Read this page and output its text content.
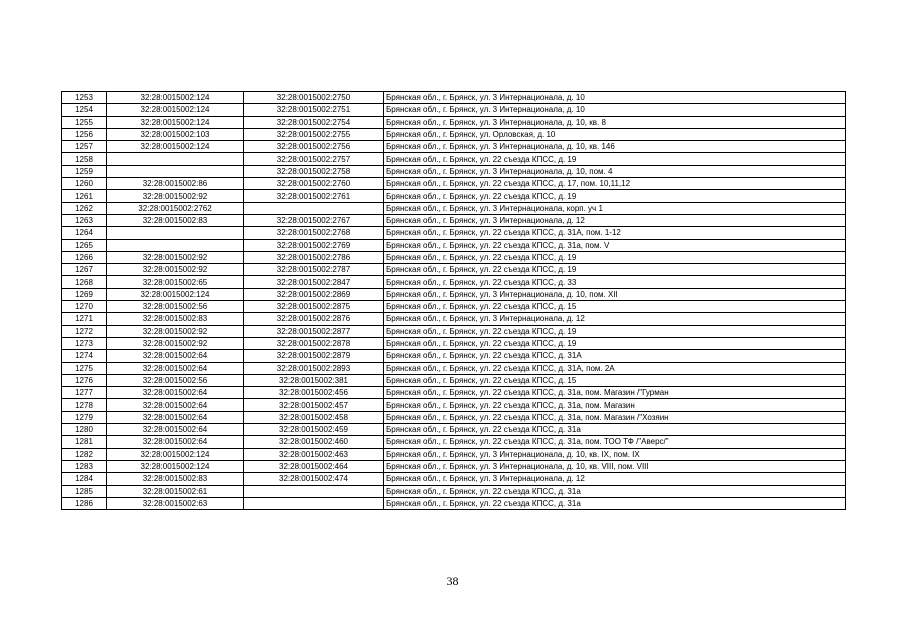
1253	32:28:0015002:124	32:28:0015002:2750	Брянская обл., г. Брянск, ул. 3 Интернационала, д. 10
1254	32:28:0015002:124	32:28:0015002:2751	Брянская обл., г. Брянск, ул. 3 Интернационала, д. 10
1255	32:28:0015002:124	32:28:0015002:2754	Брянская обл., г. Брянск, ул. 3 Интернационала, д. 10, кв. 8
1256	32:28:0015002:103	32:28:0015002:2755	Брянская обл., г. Брянск, ул. Орловская, д. 10
1257	32:28:0015002:124	32:28:0015002:2756	Брянская обл., г. Брянск, ул. 3 Интернационала, д. 10, кв. 146
1258		32:28:0015002:2757	Брянская обл., г. Брянск, ул. 22 съезда КПСС, д. 19
1259		32:28:0015002:2758	Брянская обл., г. Брянск, ул. 3 Интернационала, д. 10, пом. 4
1260	32:28:0015002:86	32:28:0015002:2760	Брянская обл., г. Брянск, ул. 22 съезда КПСС, д. 17, пом. 10,11,12
1261	32:28:0015002:92	32:28:0015002:2761	Брянская обл., г. Брянск, ул. 22 съезда КПСС, д. 19
1262	32:28:0015002:2762		Брянская обл., г. Брянск, ул. 3 Интернационала, корп. уч 1
1263	32:28:0015002:83	32:28:0015002:2767	Брянская обл., г. Брянск, ул. 3 Интернационала, д. 12
1264		32:28:0015002:2768	Брянская обл., г. Брянск, ул. 22 съезда КПСС, д. 31А, пом. 1-12
1265		32:28:0015002:2769	Брянская обл., г. Брянск, ул. 22 съезда КПСС, д. 31а, пом. V
1266	32:28:0015002:92	32:28:0015002:2786	Брянская обл., г. Брянск, ул. 22 съезда КПСС, д. 19
1267	32:28:0015002:92	32:28:0015002:2787	Брянская обл., г. Брянск, ул. 22 съезда КПСС, д. 19
1268	32:28:0015002:65	32:28:0015002:2847	Брянская обл., г. Брянск, ул. 22 съезда КПСС, д. 33
1269	32:28:0015002:124	32:28:0015002:2869	Брянская обл., г. Брянск, ул. 3 Интернационала, д. 10, пом. XII
1270	32:28:0015002:56	32:28:0015002:2875	Брянская обл., г. Брянск, ул. 22 съезда КПСС, д. 15
1271	32:28:0015002:83	32:28:0015002:2876	Брянская обл., г. Брянск, ул. 3 Интернационала, д. 12
1272	32:28:0015002:92	32:28:0015002:2877	Брянская обл., г. Брянск, ул. 22 съезда КПСС, д. 19
1273	32:28:0015002:92	32:28:0015002:2878	Брянская обл., г. Брянск, ул. 22 съезда КПСС, д. 19
1274	32:28:0015002:64	32:28:0015002:2879	Брянская обл., г. Брянск, ул. 22 съезда КПСС, д. 31А
1275	32:28:0015002:64	32:28:0015002:2893	Брянская обл., г. Брянск, ул. 22 съезда КПСС, д. 31А, пом. 2А
1276	32:28:0015002:56	32:28:0015002:381	Брянская обл., г. Брянск, ул. 22 съезда КПСС, д. 15
1277	32:28:0015002:64	32:28:0015002:456	Брянская обл., г. Брянск, ул. 22 съезда КПСС, д. 31а, пом. Магазин /"Гурман
1278	32:28:0015002:64	32:28:0015002:457	Брянская обл., г. Брянск, ул. 22 съезда КПСС, д. 31а, пом. Магазин
1279	32:28:0015002:64	32:28:0015002:458	Брянская обл., г. Брянск, ул. 22 съезда КПСС, д. 31а, пом. Магазин /"Хозяин
1280	32:28:0015002:64	32:28:0015002:459	Брянская обл., г. Брянск, ул. 22 съезда КПСС, д. 31а
1281	32:28:0015002:64	32:28:0015002:460	Брянская обл., г. Брянск, ул. 22 съезда КПСС, д. 31а, пом. ТОО ТФ /"Аверс/"
1282	32:28:0015002:124	32:28:0015002:463	Брянская обл., г. Брянск, ул. 3 Интернационала, д. 10, кв. IX, пом. IX
1283	32:28:0015002:124	32:28:0015002:464	Брянская обл., г. Брянск, ул. 3 Интернационала, д. 10, кв. VIII, пом. VIII
1284	32:28:0015002:83	32:28:0015002:474	Брянская обл., г. Брянск, ул. 3 Интернационала, д. 12
1285	32:28:0015002:61		Брянская обл., г. Брянск, ул. 22 съезда КПСС, д. 31а
1286	32:28:0015002:63		Брянская обл., г. Брянск, ул. 22 съезда КПСС, д. 31а
38
